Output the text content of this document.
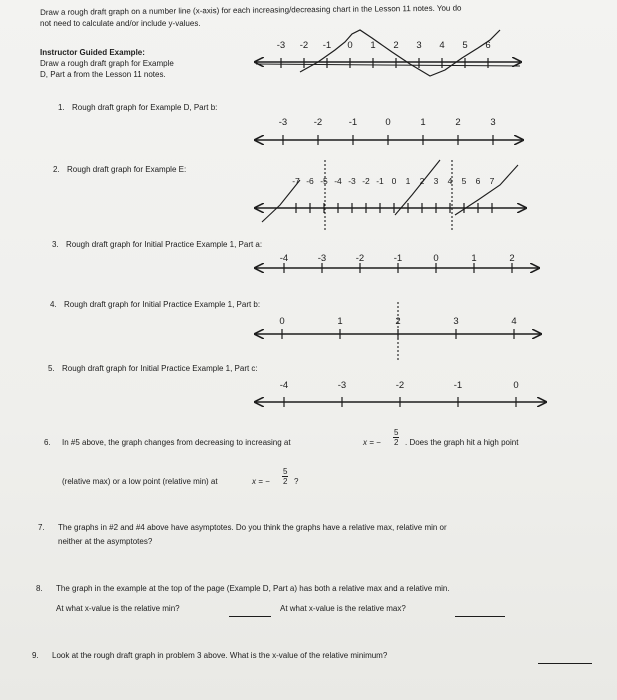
Draw a rough draft graph on a number line (x-axis) for each increasing/decreasing chart in the Lesson 11 notes. You do
not need to calculate and/or include y-values.
Instructor Guided Example:
Draw a rough draft graph for Example
D, Part a from the Lesson 11 notes.
-3 -2 -1 0 1 2 3 4 5 6
-3	-2	-1	0	1	2	3
-7 -6 -5 -4 -3 -2 -1 0 1 2 3 4 5 6 7
-4	-3	-2	-1	0	1	2
0	1	2	3	4
-4	-3	-2	-1	0
1. Rough draft graph for Example D, Part b:
2. Rough draft graph for Example E:
3. Rough draft graph for Initial Practice Example 1, Part a:
4. Rough draft graph for Initial Practice Example 1, Part b:
5. Rough draft graph for Initial Practice Example 1, Part c:
6. In #5 above, the graph changes from decreasing to increasing at	x = − $\frac{5}{2}$ . Does the graph hit a high point
(relative max) or a low point (relative min) at	x = − $\frac{5}{2}$ ?
7. The graphs in #2 and #4 above have asymptotes. Do you think the graphs have a relative max, relative min or
neither at the asymptotes?
8. The graph in the example at the top of the page (Example D, Part a) has both a relative max and a relative min.
At what x-value is the relative min?	At what x-value is the relative max?
9. Look at the rough draft graph in problem 3 above. What is the x-value of the relative minimum?
